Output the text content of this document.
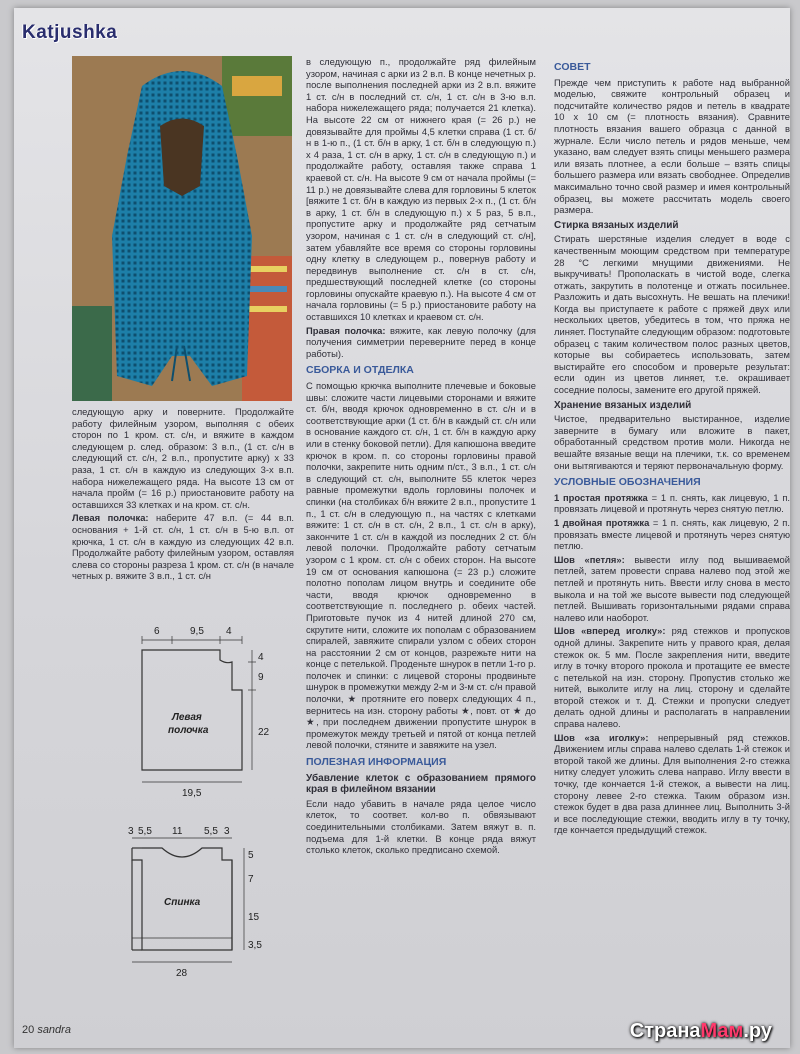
Katjushka

следующую арку и поверните. Продолжайте работу филейным узором, выполняя с обеих сторон по 1 кром. ст. с/н, и вяжите в каждом следующем р. след. образом: 3 в.п., (1 ст. с/н в следующий ст. с/н, 2 в.п., пропустите арку) x 33 раза, 1 ст. с/н в каждую из следующих 3-х в.п. набора нижележащего ряда. На высоте 13 см от начала пройм (= 16 р.) приостановите работу на оставшихся 33 клетках и на кром. ст. с/н.

Левая полочка: наберите 47 в.п. (= 44 в.п. основания + 1-й ст. с/н, 1 ст. с/н в 5-ю в.п. от крючка, 1 ст. с/н в каждую из следующих 42 в.п. Продолжайте работу филейным узором, оставляя слева со стороны разреза 1 кром. ст. с/н (в начале четных р. вяжите 3 в.п., 1 ст. с/н

6	9,5 4
4
9
22
19,5
Левая
полочка
3 5,5 11 5,5 3
5
7
15
3,5
28
Спинка

в следующую п., продолжайте ряд филейным узором, начиная с арки из 2 в.п. В конце нечетных р. после выполнения последней арки из 2 в.п. вяжите 1 ст. с/н в последний ст. с/н, 1 ст. с/н в 3-ю в.п. набора нижележащего ряда; получается 21 клетка). На высоте 22 см от нижнего края (= 26 р.) не довязывайте для проймы 4,5 клетки справа (1 ст. б/н в 1-ю п., (1 ст. б/н в арку, 1 ст. б/н в следующую п.) x 4 раза, 1 ст. с/н в арку, 1 ст. с/н в следующую п.) и продолжайте работу, оставляя также справа 1 краевой ст. с/н. На высоте 9 см от начала проймы (= 11 р.) не довязывайте слева для горловины 5 клеток [вяжите 1 ст. б/н в каждую из первых 2-х п., (1 ст. б/н в арку, 1 ст. б/н в следующую п.) x 5 раз, 5 в.п., пропустите арку и продолжайте ряд сетчатым узором, начиная с 1 ст. с/н в следующий ст. с/н], затем убавляйте все время со стороны горловины одну клетку в следующем р., повернув работу и передвинув выполнение ст. с/н в ст. с/н, предшествующий последней клетке (со стороны горловины опускайте краевую п.). На высоте 4 см от начала горловины (= 5 р.) приостановите работу на оставшихся 10 клетках и краевом ст. с/н.

Правая полочка: вяжите, как левую полочку (для получения симметрии переверните перед в конце работы).

СБОРКА И ОТДЕЛКА

С помощью крючка выполните плечевые и боковые швы: сложите части лицевыми сторонами и вяжите ст. б/н, вводя крючок одновременно в ст. с/н и в соответствующие арки (1 ст. б/н в каждый ст. с/н или в основание каждого ст. с/н, 1 ст. б/н в каждую арку или в стенку боковой петли). Для капюшона введите крючок в кром. п. со стороны горловины правой полочки, закрепите нить одним п/ст., 3 в.п., 1 ст. с/н в следующий ст. с/н, выполните 55 клеток через равные промежутки вдоль горловины полочек и спинки (на столбиках б/н вяжите 2 в.п., пропустите 1 п., 1 ст. с/н в следующую п., на частях с клетками вяжите: 1 ст. с/н в ст. с/н, 2 в.п., 1 ст. с/н в арку), закончите 1 ст. с/н в каждой из последних 2 ст. б/н левой полочки. Продолжайте работу сетчатым узором с 1 кром. ст. с/н с обеих сторон. На высоте 19 см от основания капюшона (= 23 р.) сложите полотно пополам лицом внутрь и соедините обе части, вводя крючок одновременно в соответствующие п. последнего р. обеих частей. Приготовьте пучок из 4 нитей длиной 270 см, скрутите нити, сложите их пополам с образованием спиралей, завяжите спирали узлом с обеих сторон на расстоянии 2 см от концов, разрежьте нити на конце с петелькой. Проденьте шнурок в петли 1-го р. полочек и спинки: с лицевой стороны продвиньте шнурок в промежутки между 2-м и 3-м ст. с/н правой полочки, ★ протяните его поверх следующих 4 п., вернитесь на изн. сторону работы ★, повт. от ★ до ★, при последнем движении пропустите шнурок в промежуток между третьей и пятой от конца петлей левой полочки, стяните и завяжите на узел.

ПОЛЕЗНАЯ ИНФОРМАЦИЯ
Убавление клеток с образованием прямого края в филейном вязании

Если надо убавить в начале ряда целое число клеток, то соответ. кол-во п. обвязывают соединительными столбиками. Затем вяжут в. п. подъема для 1-й клетки. В конце ряда вяжут столько клеток, сколько предписано схемой.

СОВЕТ

Прежде чем приступить к работе над выбранной моделью, свяжите контрольный образец и подсчитайте количество рядов и петель в квадрате 10 x 10 см (= плотность вязания). Сравните плотность вязания вашего образца с данной в журнале. Если число петель и рядов меньше, чем указано, вам следует взять спицы меньшего размера или вязать плотнее, а если больше – взять спицы большего размера или вязать свободнее. Определив максимально точно свой размер и имея контрольный образец, вы можете рассчитать модель своего размера.

Стирка вязаных изделий

Стирать шерстяные изделия следует в воде с качественным моющим средством при температуре 28 °С легкими мнущими движениями. Не выкручивать! Прополаскать в чистой воде, слегка отжать, закрутить в полотенце и отжать посильнее. Разложить и дать высохнуть. Не вешать на плечики! Когда вы приступаете к работе с пряжей двух или нескольких цветов, убедитесь в том, что пряжа не линяет. Поступайте следующим образом: подготовьте образец с таким количеством полос разных цветов, которые вы собираетесь использовать, затем выстирайте его способом и проверьте результат: если один из цветов линяет, т.е. окрашивает соседние полосы, замените его другой пряжей.

Хранение вязаных изделий

Чистое, предварительно выстиранное, изделие заверните в бумагу или вложите в пакет, обработанный средством против моли. Никогда не вешайте вязаные вещи на плечики, т.к. со временем они вытягиваются и теряют первоначальную форму.

УСЛОВНЫЕ ОБОЗНАЧЕНИЯ

1 простая протяжка = 1 п. снять, как лицевую, 1 п. провязать лицевой и протянуть через снятую петлю.

1 двойная протяжка = 1 п. снять, как лицевую, 2 п. провязать вместе лицевой и протянуть через снятую петлю.

Шов «петля»: вывести иглу под вышиваемой петлей, затем провести справа налево под этой же петлей и протянуть нить. Ввести иглу снова в место выкола и на той же высоте вывести под следующей петлей. Вышивать горизонтальными рядами справа налево или наоборот.

Шов «вперед иголку»: ряд стежков и пропусков одной длины. Закрепите нить у правого края, делая стежок ок. 5 мм. После закрепления нити, введите иглу в точку второго прокола и протащите ее вместе с петелькой на изн. сторону. Пропустив столько же нитей, выколите иглу на лиц. сторону и сделайте второй стежок и т. Д. Стежки и пропуски следует делать одной длины и располагать в направлении справа налево.

Шов «за иголку»: непрерывный ряд стежков. Движением иглы справа налево сделать 1-й стежок и второй такой же длины. Для выполнения 2-го стежка нитку следует уложить слева направо. Иглу ввести в точку, где кончается 1-й стежок, а вывести на лиц. сторону левее 2-го стежка. Таким образом изн. стежок будет в два раза длиннее лиц. Выполнить 3-й и все последующие стежки, вводить иглу в ту точку, где кончается предыдущий стежок.

20 sandra	СтранаМам.ру
